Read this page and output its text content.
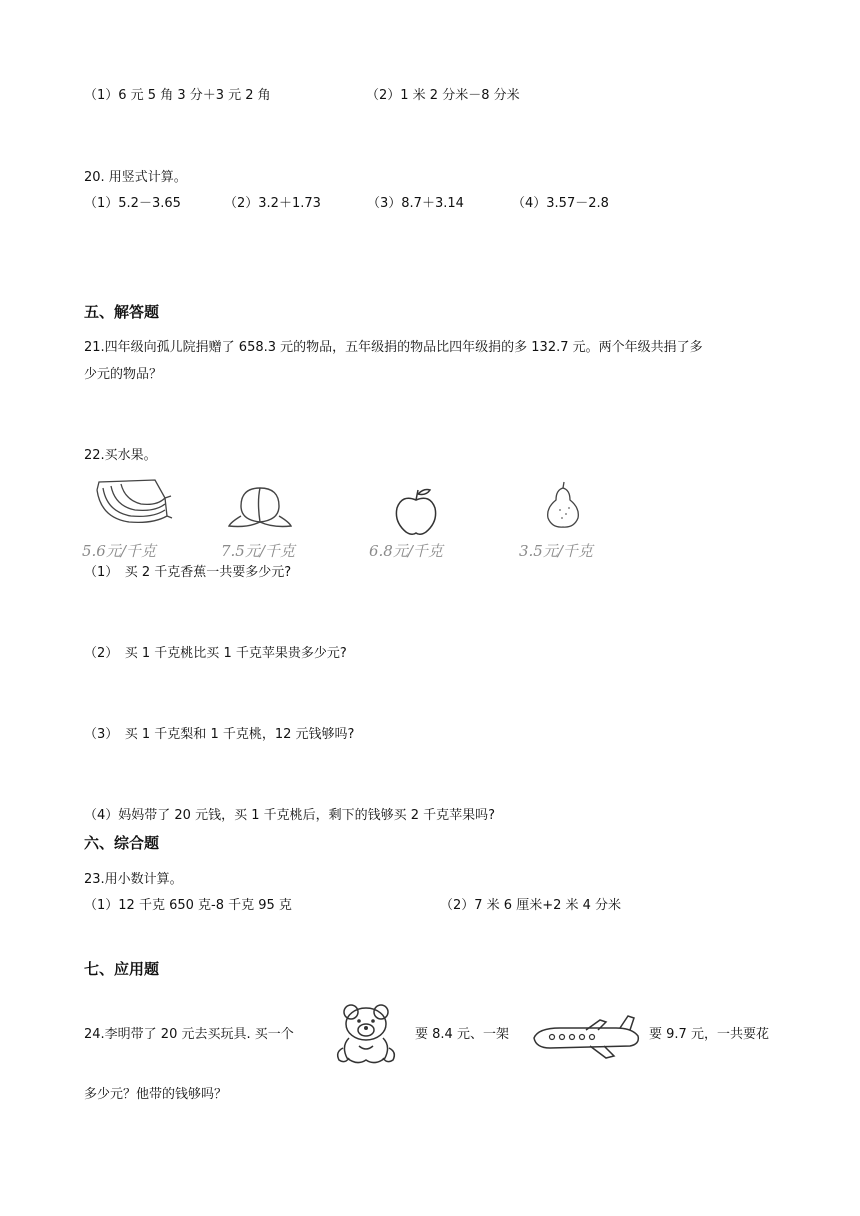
（1）6 元 5 角 3 分＋3 元 2 角	（2）1 米 2 分米－8 分米
20. 用竖式计算。
（1）5.2－3.65	（2）3.2＋1.73	（3）8.7＋3.14	（4）3.57－2.8
五、解答题
21.四年级向孤儿院捐赠了 658.3 元的物品，五年级捐的物品比四年级捐的多 132.7 元。两个年级共捐了多
少元的物品？
22.买水果。
5.6元/千克	7.5元/千克	6.8元/千克	3.5元/千克
（1）　买 2 千克香蕉一共要多少元?
（2）　买 1 千克桃比买 1 千克苹果贵多少元?
（3）　买 1 千克梨和 1 千克桃，12 元钱够吗?
（4）妈妈带了 20 元钱，买 1 千克桃后，剩下的钱够买 2 千克苹果吗?
六、综合题
23.用小数计算。
（1）12 千克 650 克-8 千克 95 克	（2）7 米 6 厘米+2 米 4 分米
七、应用题
24.李明带了 20 元去买玩具. 买一个	要 8.4 元、一架	要 9.7 元，一共要花
多少元？他带的钱够吗？
